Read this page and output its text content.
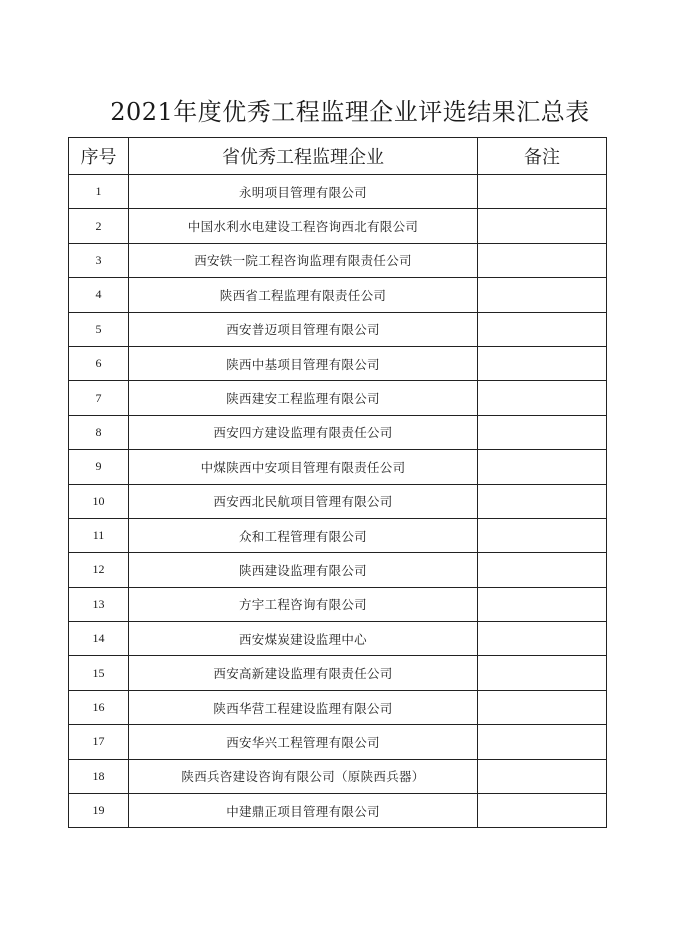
2021年度优秀工程监理企业评选结果汇总表
序号	省优秀工程监理企业	备注
1	永明项目管理有限公司	
2	中国水利水电建设工程咨询西北有限公司	
3	西安铁一院工程咨询监理有限责任公司	
4	陕西省工程监理有限责任公司	
5	西安普迈项目管理有限公司	
6	陕西中基项目管理有限公司	
7	陕西建安工程监理有限公司	
8	西安四方建设监理有限责任公司	
9	中煤陕西中安项目管理有限责任公司	
10	西安西北民航项目管理有限公司	
11	众和工程管理有限公司	
12	陕西建设监理有限公司	
13	方宇工程咨询有限公司	
14	西安煤炭建设监理中心	
15	西安高新建设监理有限责任公司	
16	陕西华营工程建设监理有限公司	
17	西安华兴工程管理有限公司	
18	陕西兵咨建设咨询有限公司（原陕西兵器）	
19	中建鼎正项目管理有限公司	
